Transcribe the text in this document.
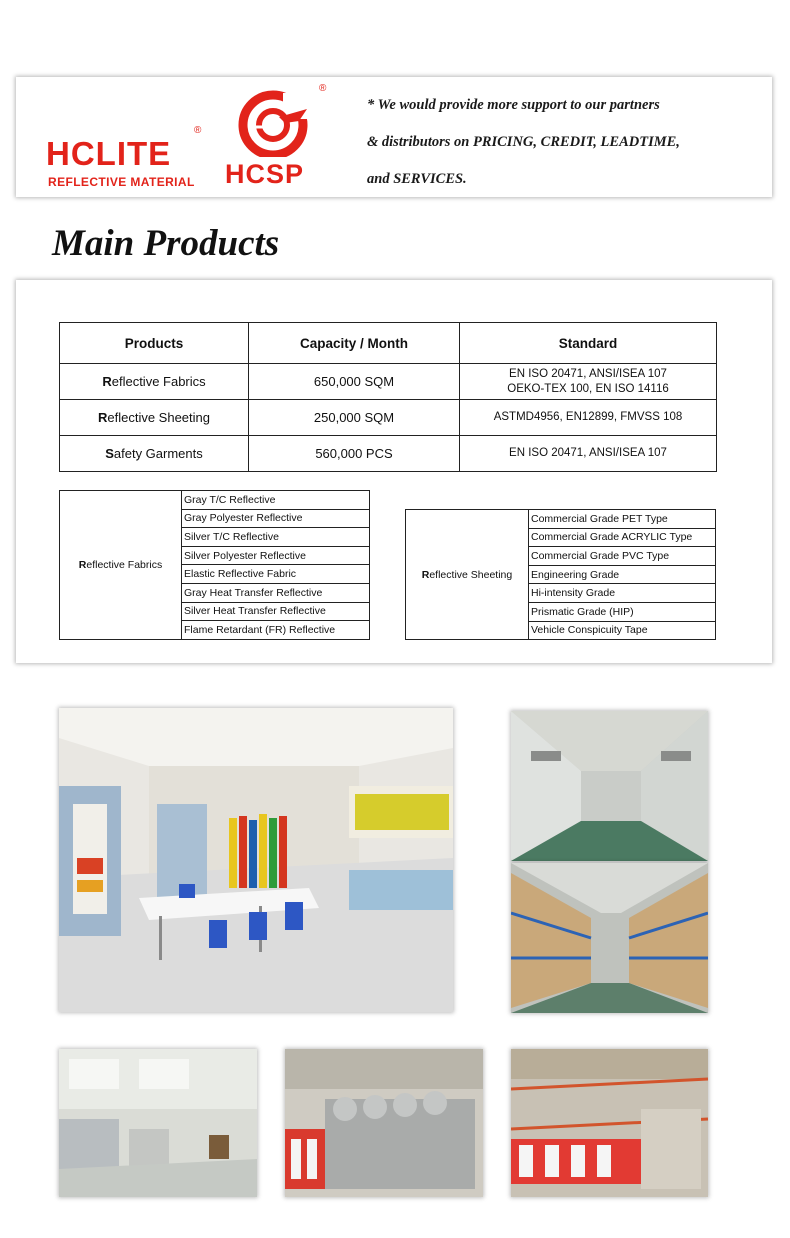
HCLITE
®
REFLECTIVE MATERIAL
®
HCSP
* We would provide more support to our partners
& distributors on PRICING, CREDIT, LEADTIME,
and SERVICES.
Main Products
Products	Capacity / Month	Standard
Reflective Fabrics	650,000 SQM	EN ISO 20471, ANSI/ISEA 107
OEKO-TEX 100, EN ISO 14116

Reflective Sheeting	250,000 SQM	ASTMD4956, EN12899, FMVSS 108
Safety Garments	560,000 PCS	EN ISO 20471, ANSI/ISEA 107
Reflective Fabrics	Gray T/C Reflective
Gray Polyester Reflective
Silver T/C Reflective
Silver Polyester Reflective
Elastic Reflective Fabric
Gray Heat Transfer Reflective
Silver Heat Transfer Reflective
Flame Retardant (FR) Reflective
Reflective Sheeting	Commercial Grade PET Type
Commercial Grade ACRYLIC Type
Commercial Grade PVC Type
Engineering Grade
Hi-intensity Grade
Prismatic Grade (HIP)
Vehicle Conspicuity Tape
